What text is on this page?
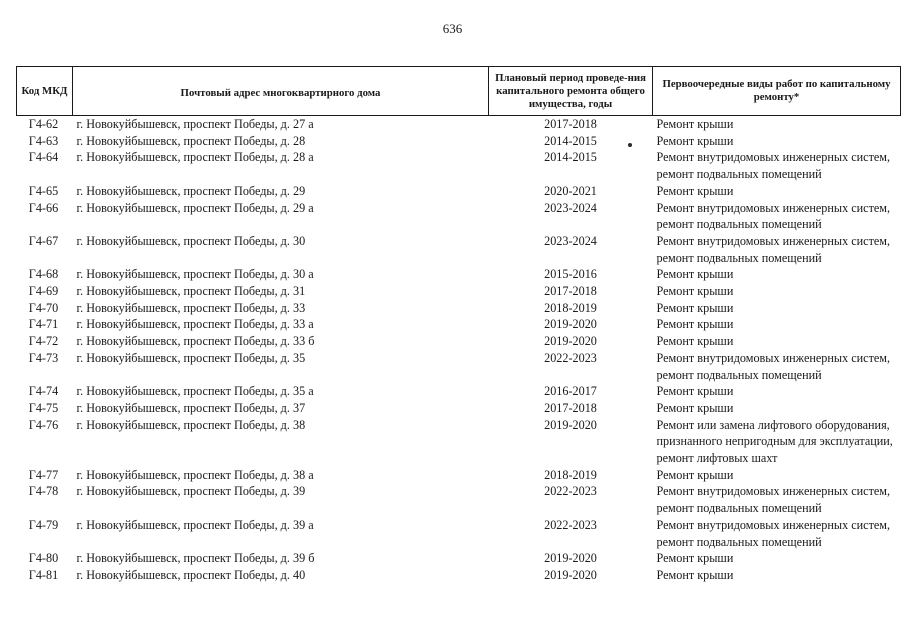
636
Код МКД	Почтовый адрес многоквартирного дома	Плановый период проведе-ния капитального ремонта общего имущества, годы	Первоочередные виды работ по капитальному ремонту*
Г4-62	г. Новокуйбышевск, проспект Победы, д. 27 а	2017-2018	Ремонт крыши

Г4-63	г. Новокуйбышевск, проспект Победы, д. 28	2014-2015	Ремонт крыши

Г4-64	г. Новокуйбышевск, проспект Победы, д. 28 а	2014-2015	Ремонт внутридомовых инженерных систем,
ремонт подвальных помещений

Г4-65	г. Новокуйбышевск, проспект Победы, д. 29	2020-2021	Ремонт крыши

Г4-66	г. Новокуйбышевск, проспект Победы, д. 29 а	2023-2024	Ремонт внутридомовых инженерных систем,
ремонт подвальных помещений

Г4-67	г. Новокуйбышевск, проспект Победы, д. 30	2023-2024	Ремонт внутридомовых инженерных систем,
ремонт подвальных помещений

Г4-68	г. Новокуйбышевск, проспект Победы, д. 30 а	2015-2016	Ремонт крыши

Г4-69	г. Новокуйбышевск, проспект Победы, д. 31	2017-2018	Ремонт крыши

Г4-70	г. Новокуйбышевск, проспект Победы, д. 33	2018-2019	Ремонт крыши

Г4-71	г. Новокуйбышевск, проспект Победы, д. 33 а	2019-2020	Ремонт крыши

Г4-72	г. Новокуйбышевск, проспект Победы, д. 33 б	2019-2020	Ремонт крыши

Г4-73	г. Новокуйбышевск, проспект Победы, д. 35	2022-2023	Ремонт внутридомовых инженерных систем,
ремонт подвальных помещений

Г4-74	г. Новокуйбышевск, проспект Победы, д. 35 а	2016-2017	Ремонт крыши

Г4-75	г. Новокуйбышевск, проспект Победы, д. 37	2017-2018	Ремонт крыши

Г4-76	г. Новокуйбышевск, проспект Победы, д. 38	2019-2020	Ремонт или замена лифтового оборудования,
признанного непригодным для эксплуатации,
ремонт лифтовых шахт

Г4-77	г. Новокуйбышевск, проспект Победы, д. 38 а	2018-2019	Ремонт крыши

Г4-78	г. Новокуйбышевск, проспект Победы, д. 39	2022-2023	Ремонт внутридомовых инженерных систем,
ремонт подвальных помещений

Г4-79	г. Новокуйбышевск, проспект Победы, д. 39 а	2022-2023	Ремонт внутридомовых инженерных систем,
ремонт подвальных помещений

Г4-80	г. Новокуйбышевск, проспект Победы, д. 39 б	2019-2020	Ремонт крыши

Г4-81	г. Новокуйбышевск, проспект Победы, д. 40	2019-2020	Ремонт крыши
